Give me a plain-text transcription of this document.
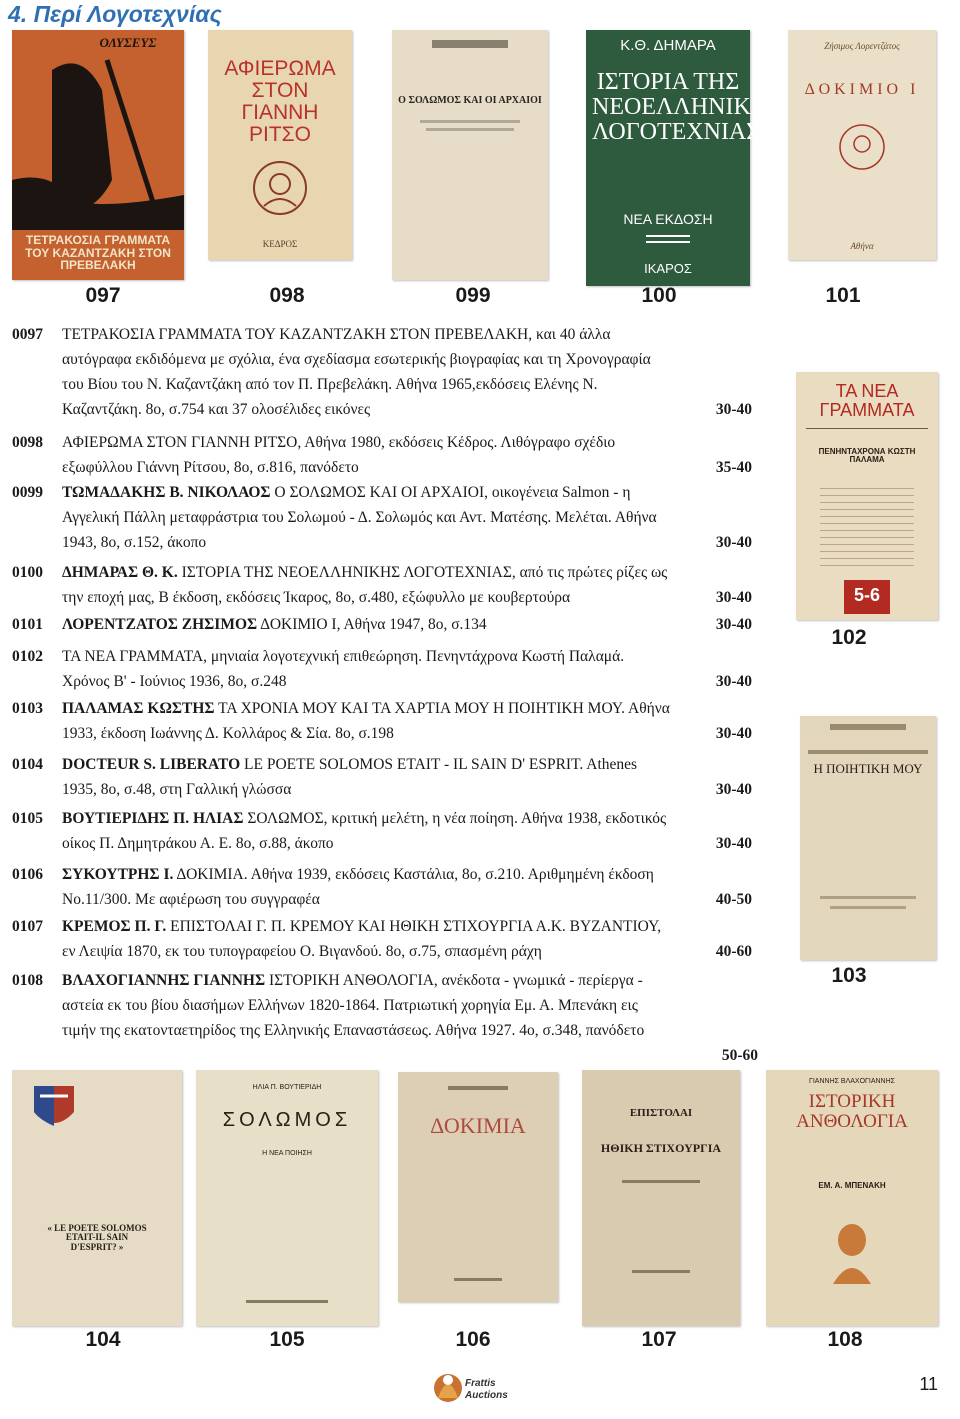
4. Περί Λογοτεχνίας
ΟΛΥΣΕΥΣ
ΤΕΤΡΑΚΟΣΙΑ ΓΡΑΜΜΑΤΑ ΤΟΥ ΚΑΖΑΝΤΖΑΚΗ ΣΤΟΝ ΠΡΕΒΕΛΑΚΗ
ΑΦΙΕΡΩΜΑ ΣΤΟΝ ΓΙΑΝΝΗ ΡΙΤΣΟ
ΚΕΔΡΟΣ
Ο ΣΟΛΩΜΟΣ ΚΑΙ ΟΙ ΑΡΧΑΙΟΙ
Κ.Θ. ΔΗΜΑΡΑ
ΙΣΤΟΡΙΑ ΤΗΣ ΝΕΟΕΛΛΗΝΙΚΗΣ ΛΟΓΟΤΕΧΝΙΑΣ
ΝΕΑ ΕΚΔΟΣΗ
ΙΚΑΡΟΣ
Ζήσιμος Λορεντζάτος
ΔΟΚΙΜΙΟ Ι
Αθήνα
097	098	099	100	101
ΤΑ ΝΕΑ ΓΡΑΜΜΑΤΑ
ΠΕΝΗΝΤΑΧΡΟΝΑ ΚΩΣΤΗ ΠΑΛΑΜΑ
5-6
102
Η ΠΟΙΗΤΙΚΗ ΜΟΥ
103
0097	ΤΕΤΡΑΚΟΣΙΑ ΓΡΑΜΜΑΤΑ ΤΟΥ ΚΑΖΑΝΤΖΑΚΗ ΣΤΟΝ ΠΡΕΒΕΛΑΚΗ, και 40 άλλα
αυτόγραφα εκδιδόμενα με σχόλια, ένα σχεδίασμα εσωτερικής βιογραφίας και τη Χρονογραφία
του Βίου του Ν. Καζαντζάκη από τον Π. Πρεβελάκη. Αθήνα 1965,εκδόσεις Ελένης Ν.
Καζαντζάκη. 8ο, σ.754 και 37 ολοσέλιδες εικόνες	30-40
0098	ΑΦΙΕΡΩΜΑ ΣΤΟΝ ΓΙΑΝΝΗ ΡΙΤΣΟ, Αθήνα 1980, εκδόσεις Κέδρος. Λιθόγραφο σχέδιο
εξωφύλλου Γιάννη Ρίτσου, 8ο, σ.816, πανόδετο	35-40
0099	ΤΩΜΑΔΑΚΗΣ Β. ΝΙΚΟΛΑΟΣ Ο ΣΟΛΩΜΟΣ ΚΑΙ ΟΙ ΑΡΧΑΙΟΙ, οικογένεια Salmon - η
Αγγελική Πάλλη μεταφράστρια του Σολωμού - Δ. Σολωμός και Αντ. Ματέσης. Μελέται. Αθήνα
1943, 8ο, σ.152, άκοπο	30-40
0100	ΔΗΜΑΡΑΣ Θ. Κ. ΙΣΤΟΡΙΑ ΤΗΣ ΝΕΟΕΛΛΗΝΙΚΗΣ ΛΟΓΟΤΕΧΝΙΑΣ, από τις πρώτες ρίζες ως
την εποχή μας, Β έκδοση, εκδόσεις Ίκαρος, 8ο, σ.480, εξώφυλλο με κουβερτούρα	30-40
0101	ΛΟΡΕΝΤΖΑΤΟΣ ΖΗΣΙΜΟΣ ΔΟΚΙΜΙΟ Ι, Αθήνα 1947, 8ο, σ.134	30-40
0102	ΤΑ ΝΕΑ ΓΡΑΜΜΑΤΑ, μηνιαία λογοτεχνική επιθεώρηση. Πενηντάχρονα Κωστή Παλαμά.
Χρόνος Β' - Ιούνιος 1936, 8ο, σ.248	30-40
0103	ΠΑΛΑΜΑΣ ΚΩΣΤΗΣ ΤΑ ΧΡΟΝΙΑ ΜΟΥ ΚΑΙ ΤΑ ΧΑΡΤΙΑ ΜΟΥ Η ΠΟΙΗΤΙΚΗ ΜΟΥ. Αθήνα
1933, έκδοση Ιωάννης Δ. Κολλάρος & Σία. 8ο, σ.198	30-40
0104	DOCTEUR S. LIBERATO LE POETE SOLOMOS ETAIT - IL SAIN D' ESPRIT. Athenes
1935, 8ο, σ.48, στη Γαλλική γλώσσα	30-40
0105	ΒΟΥΤΙΕΡΙΔΗΣ Π. ΗΛΙΑΣ ΣΟΛΩΜΟΣ, κριτική μελέτη, η νέα ποίηση. Αθήνα 1938, εκδοτικός
οίκος Π. Δημητράκου Α. Ε. 8ο, σ.88, άκοπο	30-40
0106	ΣΥΚΟΥΤΡΗΣ Ι. ΔΟΚΙΜΙΑ. Αθήνα 1939, εκδόσεις Καστάλια, 8ο, σ.210. Αριθμημένη έκδοση
No.11/300. Με αφιέρωση του συγγραφέα	40-50
0107	ΚΡΕΜΟΣ Π. Γ. ΕΠΙΣΤΟΛΑΙ Γ. Π. ΚΡΕΜΟΥ ΚΑΙ ΗΘΙΚΗ ΣΤΙΧΟΥΡΓΙΑ Α.Κ. ΒΥΖΑΝΤΙΟΥ,
εν Λειψία 1870, εκ του τυπογραφείου Ο. Βιγανδού. 8ο, σ.75, σπασμένη ράχη	40-60
0108	ΒΛΑΧΟΓΙΑΝΝΗΣ ΓΙΑΝΝΗΣ ΙΣΤΟΡΙΚΗ ΑΝΘΟΛΟΓΙΑ, ανέκδοτα - γνωμικά - περίεργα -
αστεία εκ του βίου διασήμων Ελλήνων 1820-1864. Πατριωτική χορηγία Εμ. Α. Μπενάκη εις
τιμήν της εκατονταετηρίδος της Ελληνικής Επαναστάσεως. Αθήνα 1927. 4ο, σ.348, πανόδετο
50-60
« LE POETE SOLOMOS ETAIT-IL SAIN D'ESPRIT? »
ΗΛΙΑ Π. ΒΟΥΤΙΕΡΙΔΗ
ΣΟΛΩΜΟΣ
Η ΝΕΑ ΠΟΙΗΣΗ
ΔΟΚΙΜΙΑ	ΕΠΙΣΤΟΛΑΙ
ΗΘΙΚΗ ΣΤΙΧΟΥΡΓΙΑ
ΓΙΑΝΝΗΣ ΒΛΑΧΟΓΙΑΝΝΗΣ
ΙΣΤΟΡΙΚΗ ΑΝΘΟΛΟΓΙΑ
ΕΜ. Α. ΜΠΕΝΑΚΗ
104	105	106	107	108
Frattis Auctions
11
